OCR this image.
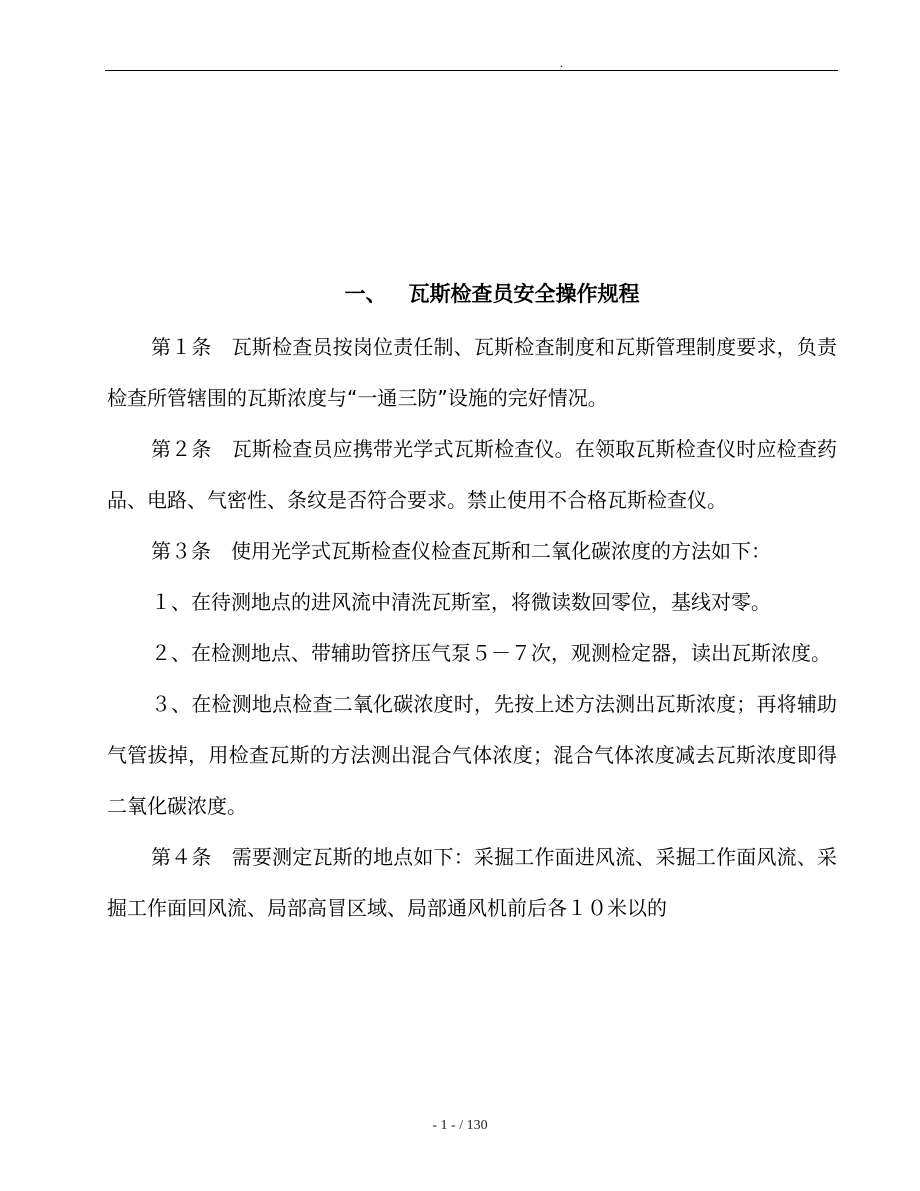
.
一、 瓦斯检查员安全操作规程

第１条　瓦斯检查员按岗位责任制、瓦斯检查制度和瓦斯管理制度要求，负责检查所管辖围的瓦斯浓度与“一通三防”设施的完好情况。

第２条　瓦斯检查员应携带光学式瓦斯检查仪。在领取瓦斯检查仪时应检查药品、电路、气密性、条纹是否符合要求。禁止使用不合格瓦斯检查仪。

第３条　使用光学式瓦斯检查仪检查瓦斯和二氧化碳浓度的方法如下：

１、在待测地点的进风流中清洗瓦斯室，将微读数回零位，基线对零。

２、在检测地点、带辅助管挤压气泵５－７次，观测检定器，读出瓦斯浓度。

３、在检测地点检查二氧化碳浓度时，先按上述方法测出瓦斯浓度；再将辅助气管拔掉，用检查瓦斯的方法测出混合气体浓度；混合气体浓度减去瓦斯浓度即得二氧化碳浓度。

第４条　需要测定瓦斯的地点如下：采掘工作面进风流、采掘工作面风流、采掘工作面回风流、局部高冒区域、局部通风机前后各１０米以的

- 1 - / 130
